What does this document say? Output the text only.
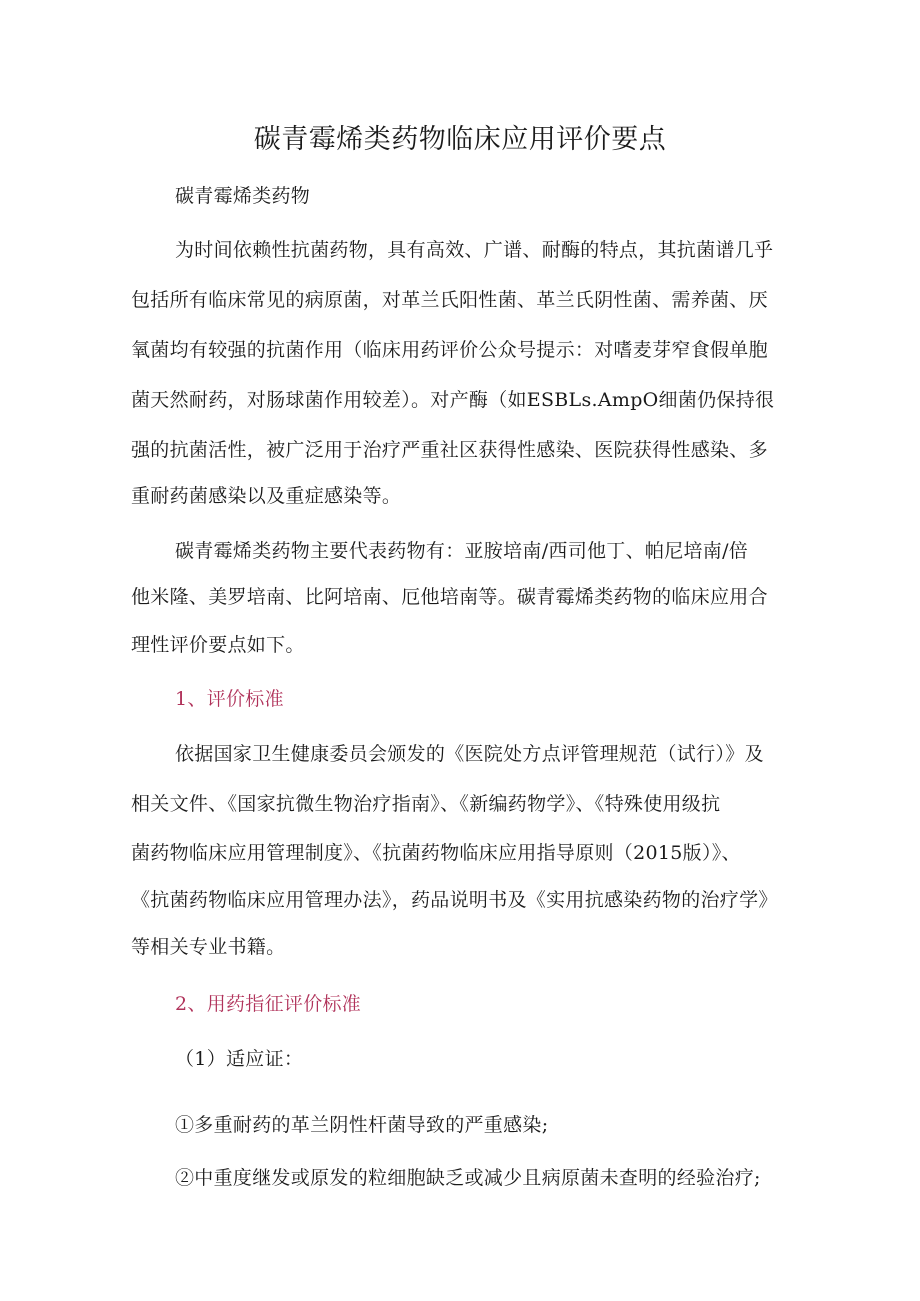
碳青霉烯类药物临床应用评价要点
碳青霉烯类药物
为时间依赖性抗菌药物，具有高效、广谱、耐酶的特点，其抗菌谱几乎
包括所有临床常见的病原菌，对革兰氏阳性菌、革兰氏阴性菌、需养菌、厌
氧菌均有较强的抗菌作用（临床用药评价公众号提示：对嗜麦芽窄食假单胞
菌天然耐药，对肠球菌作用较差）。对产酶（如ESBLs.AmpO细菌仍保持很
强的抗菌活性，被广泛用于治疗严重社区获得性感染、医院获得性感染、多
重耐药菌感染以及重症感染等。
碳青霉烯类药物主要代表药物有：亚胺培南/西司他丁、帕尼培南/倍
他米隆、美罗培南、比阿培南、厄他培南等。碳青霉烯类药物的临床应用合
理性评价要点如下。
1、评价标准
依据国家卫生健康委员会颁发的《医院处方点评管理规范（试行）》及
相关文件、《国家抗微生物治疗指南》、《新编药物学》、《特殊使用级抗
菌药物临床应用管理制度》、《抗菌药物临床应用指导原则（2015版）》、
《抗菌药物临床应用管理办法》，药品说明书及《实用抗感染药物的治疗学》
等相关专业书籍。
2、用药指征评价标准
（1）适应证：
①多重耐药的革兰阴性杆菌导致的严重感染;
②中重度继发或原发的粒细胞缺乏或减少且病原菌未查明的经验治疗;
